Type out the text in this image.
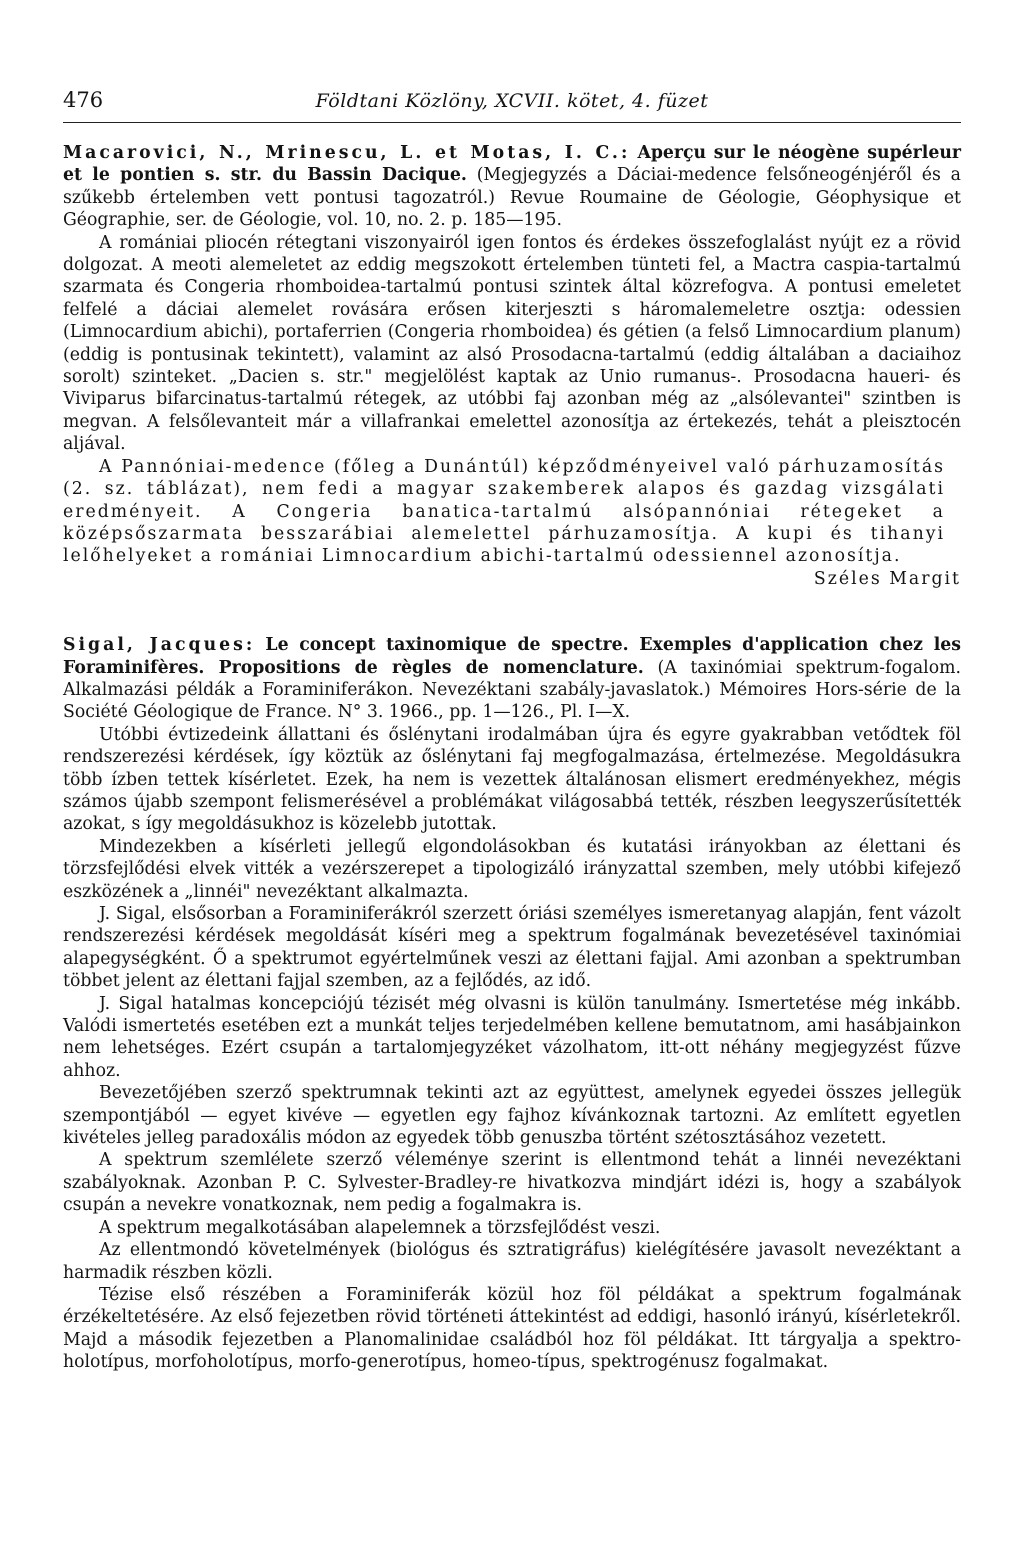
476	Földtani Közlöny, XCVII. kötet, 4. füzet

Macarovici, N., Mrinescu, L. et Motas, I. C.: Aperçu sur le néogène supérleur et le pontien s. str. du Bassin Dacique. (Megjegyzés a Dáciai-medence felsőneogénjéről és a szűkebb értelemben vett pontusi tagozatról.) Revue Roumaine de Géologie, Géophysique et Géographie, ser. de Géologie, vol. 10, no. 2. p. 185—195.

A romániai pliocén rétegtani viszonyairól igen fontos és érdekes összefoglalást nyújt ez a rövid dolgozat. A meoti alemeletet az eddig megszokott értelemben tünteti fel, a Mactra caspia-tartalmú szarmata és Congeria rhomboidea-tartalmú pontusi szintek által közrefogva. A pontusi emeletet felfelé a dáciai alemelet rovására erősen kiterjeszti s háromalemeletre osztja: odessien (Limnocardium abichi), portaferrien (Congeria rhomboidea) és gétien (a felső Limnocardium planum) (eddig is pontusinak tekintett), valamint az alsó Prosodacna-tartalmú (eddig általában a daciaihoz sorolt) szinteket. „Dacien s. str." megjelölést kaptak az Unio rumanus-. Prosodacna haueri- és Viviparus bifarcinatus-tartalmú rétegek, az utóbbi faj azonban még az „alsólevantei" szintben is megvan. A felsőlevanteit már a villafrankai emelettel azonosítja az értekezés, tehát a pleisztocén aljával.

A Pannóniai-medence (főleg a Dunántúl) képződményeivel való párhuzamosítás (2. sz. táblázat), nem fedi a magyar szakemberek alapos és gazdag vizsgálati eredményeit. A Congeria banatica-tartalmú alsópannóniai rétegeket a középsőszarmata besszarábiai alemelettel párhuzamosítja. A kupi és tihanyi lelőhelyeket a romániai Limnocardium abichi-tartalmú odessiennel azonosítja.

Széles Margit

Sigal, Jacques: Le concept taxinomique de spectre. Exemples d'application chez les Foraminifères. Propositions de règles de nomenclature. (A taxinómiai spektrum-fogalom. Alkalmazási példák a Foraminiferákon. Nevezéktani szabály-javaslatok.) Mémoires Hors-série de la Société Géologique de France. N° 3. 1966., pp. 1—126., Pl. I—X.

Utóbbi évtizedeink állattani és őslénytani irodalmában újra és egyre gyakrabban vetődtek föl rendszerezési kérdések, így köztük az őslénytani faj megfogalmazása, értelmezése. Megoldásukra több ízben tettek kísérletet. Ezek, ha nem is vezettek általánosan elismert eredményekhez, mégis számos újabb szempont felismerésével a problémákat világosabbá tették, részben leegyszerűsítették azokat, s így megoldásukhoz is közelebb jutottak.

Mindezekben a kísérleti jellegű elgondolásokban és kutatási irányokban az élettani és törzsfejlődési elvek vitték a vezérszerepet a tipologizáló irányzattal szemben, mely utóbbi kifejező eszközének a „linnéi" nevezéktant alkalmazta.

J. Sigal, elsősorban a Foraminiferákról szerzett óriási személyes ismeretanyag alapján, fent vázolt rendszerezési kérdések megoldását kíséri meg a spektrum fogalmának bevezetésével taxinómiai alapegységként. Ő a spektrumot egyértelműnek veszi az élettani fajjal. Ami azonban a spektrumban többet jelent az élettani fajjal szemben, az a fejlődés, az idő.

J. Sigal hatalmas koncepciójú tézisét még olvasni is külön tanulmány. Ismertetése még inkább. Valódi ismertetés esetében ezt a munkát teljes terjedelmében kellene bemutatnom, ami hasábjainkon nem lehetséges. Ezért csupán a tartalomjegyzéket vázolhatom, itt-ott néhány megjegyzést fűzve ahhoz.

Bevezetőjében szerző spektrumnak tekinti azt az együttest, amelynek egyedei összes jellegük szempontjából — egyet kivéve — egyetlen egy fajhoz kívánkoznak tartozni. Az említett egyetlen kivételes jelleg paradoxális módon az egyedek több genuszba történt szétosztásához vezetett.

A spektrum szemlélete szerző véleménye szerint is ellentmond tehát a linnéi nevezéktani szabályoknak. Azonban P. C. Sylvester-Bradley-re hivatkozva mindjárt idézi is, hogy a szabályok csupán a nevekre vonatkoznak, nem pedig a fogalmakra is.

A spektrum megalkotásában alapelemnek a törzsfejlődést veszi.

Az ellentmondó követelmények (biológus és sztratigráfus) kielégítésére javasolt nevezéktant a harmadik részben közli.

Tézise első részében a Foraminiferák közül hoz föl példákat a spektrum fogalmának érzékeltetésére. Az első fejezetben rövid történeti áttekintést ad eddigi, hasonló irányú, kísérletekről. Majd a második fejezetben a Planomalinidae családból hoz föl példákat. Itt tárgyalja a spektro-holotípus, morfoholotípus, morfo-generotípus, homeo-típus, spektrogénusz fogalmakat.
